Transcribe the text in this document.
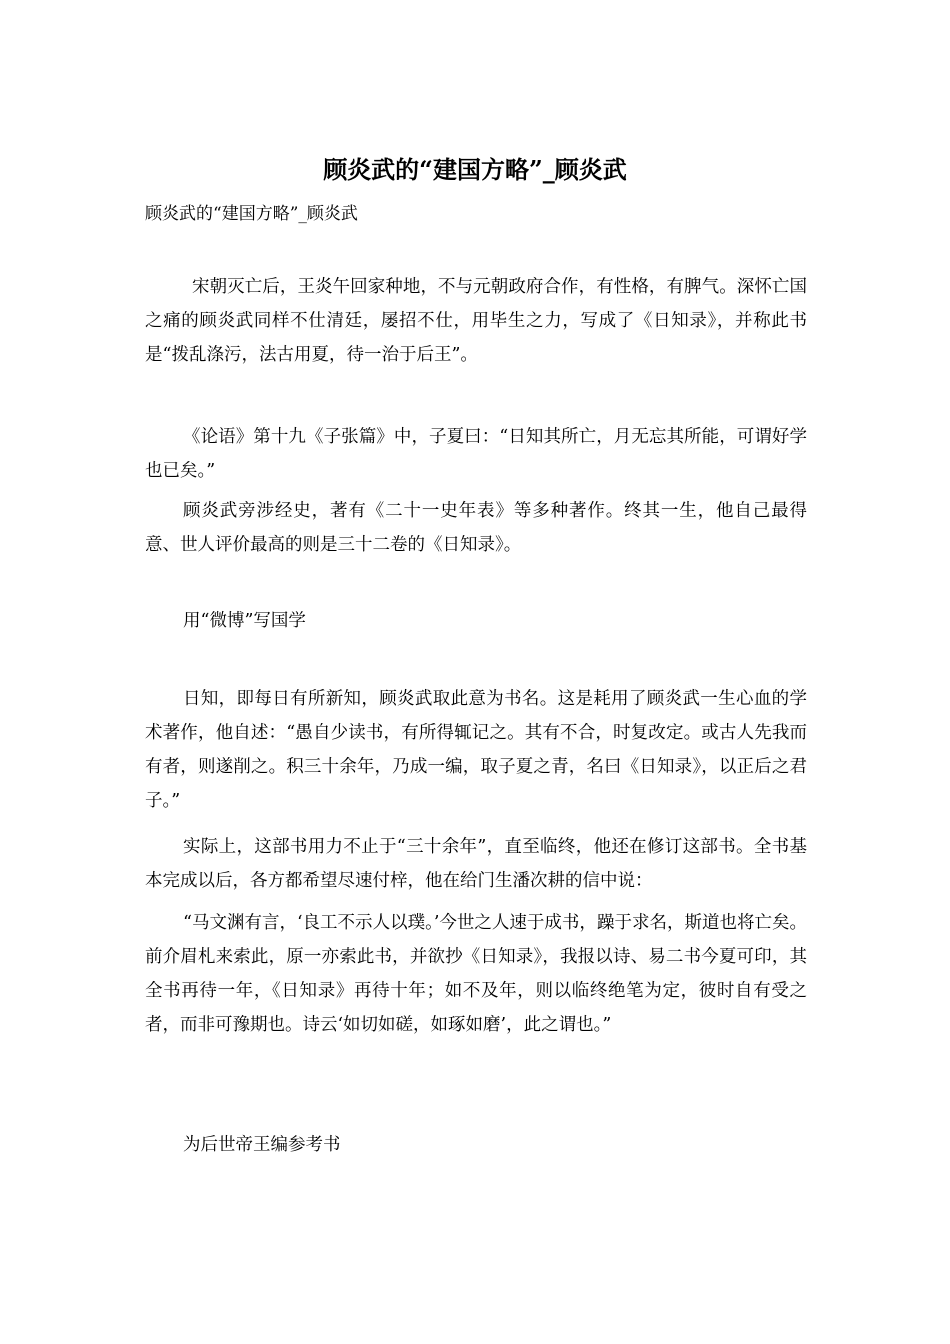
顾炎武的“建国方略”_顾炎武

顾炎武的“建国方略”_顾炎武

宋朝灭亡后，王炎午回家种地，不与元朝政府合作，有性格，有脾气。深怀亡国之痛的顾炎武同样不仕清廷，屡招不仕，用毕生之力，写成了《日知录》，并称此书是“拨乱涤污，法古用夏，待一治于后王”。

《论语》第十九《子张篇》中，子夏曰：“日知其所亡，月无忘其所能，可谓好学也已矣。”

顾炎武旁涉经史，著有《二十一史年表》等多种著作。终其一生，他自己最得意、世人评价最高的则是三十二卷的《日知录》。

用“微博”写国学

日知，即每日有所新知，顾炎武取此意为书名。这是耗用了顾炎武一生心血的学术著作，他自述：“愚自少读书，有所得辄记之。其有不合，时复改定。或古人先我而有者，则遂削之。积三十余年，乃成一编，取子夏之青，名曰《日知录》，以正后之君子。”

实际上，这部书用力不止于“三十余年”，直至临终，他还在修订这部书。全书基本完成以后，各方都希望尽速付梓，他在给门生潘次耕的信中说：

“马文渊有言，‘良工不示人以璞。’今世之人速于成书，躁于求名，斯道也将亡矣。前介眉札来索此，原一亦索此书，并欲抄《日知录》，我报以诗、易二书今夏可印，其全书再待一年，《日知录》再待十年；如不及年，则以临终绝笔为定，彼时自有受之者，而非可豫期也。诗云‘如切如磋，如琢如磨’，此之谓也。”

为后世帝王编参考书
